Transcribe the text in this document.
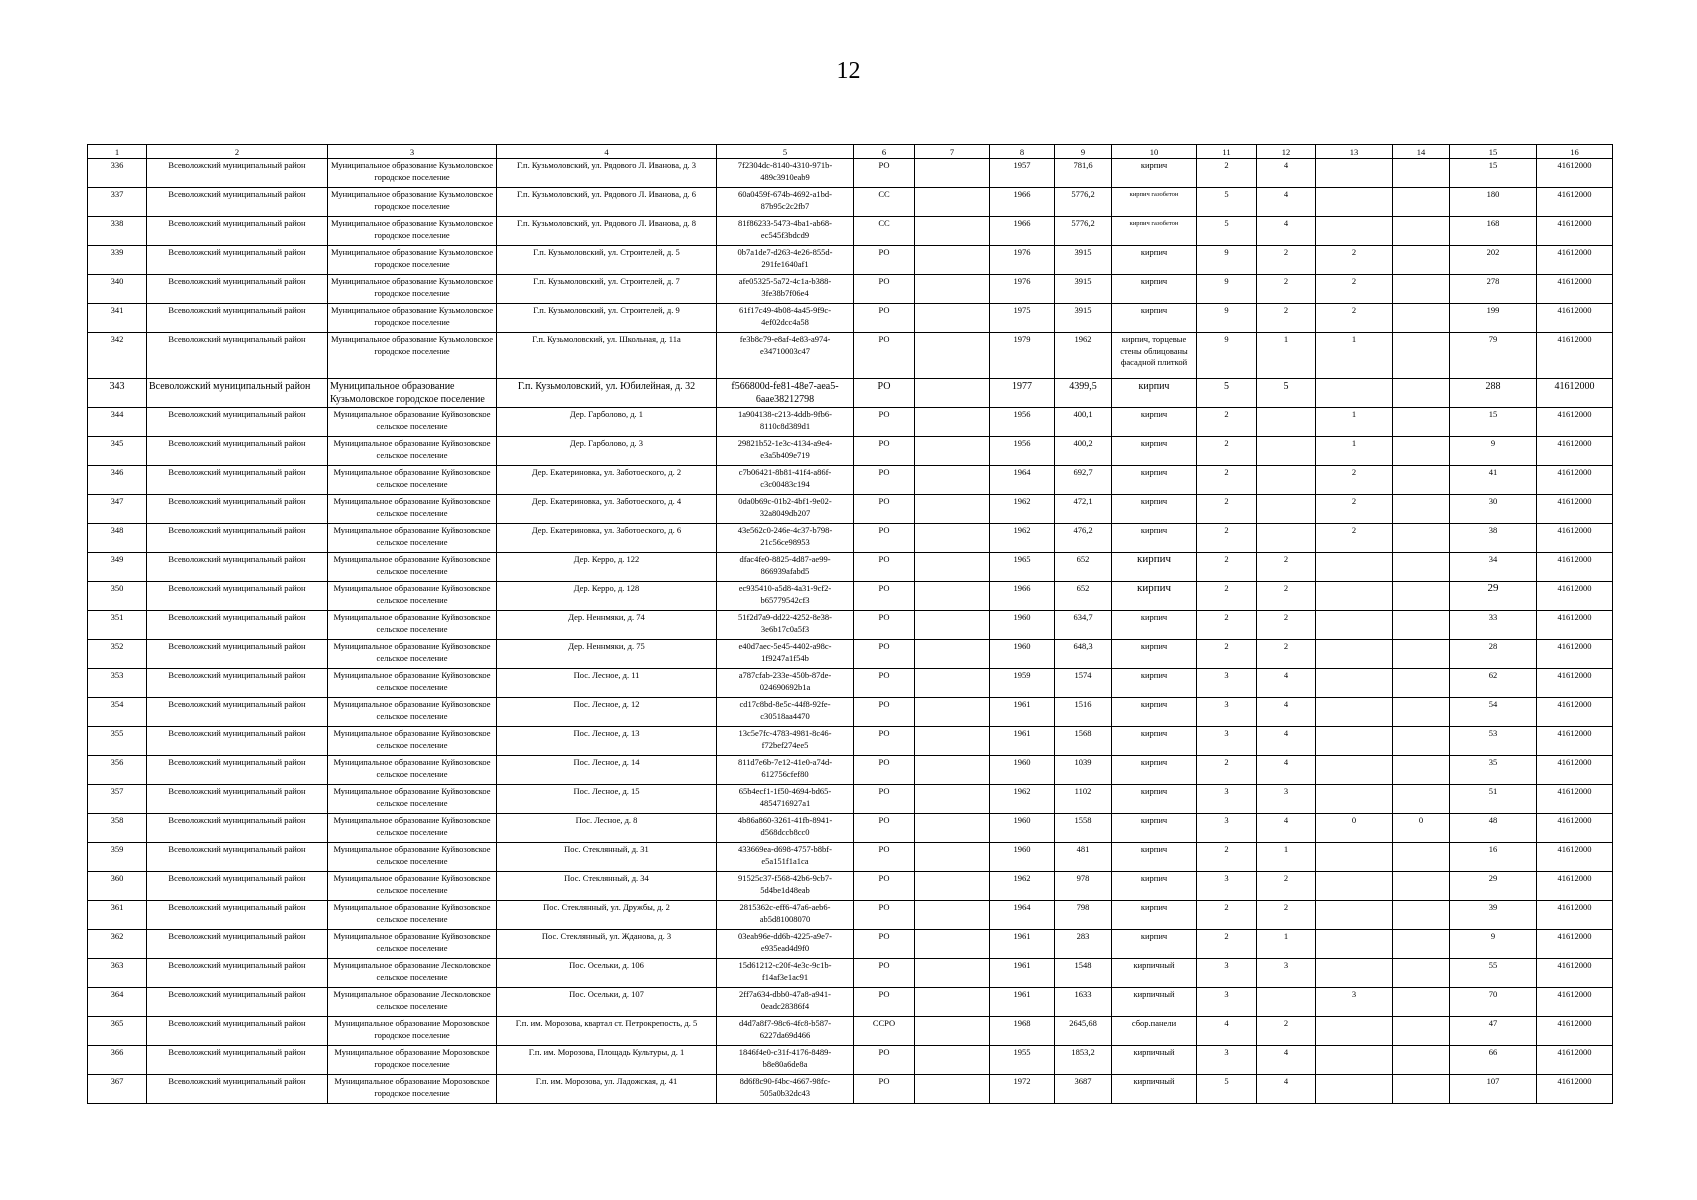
12
1	2	3	4	5	6	7	8	9	10	11	12	13	14	15	16
336	Всеволожский муниципальный район	Муниципальное образование Кузьмоловское городское поселение	Г.п. Кузьмоловский, ул. Рядового Л. Иванова, д. 3	7f2304dc-8140-4310-971b-489c3910eab9	РО		1957	781,6	кирпич	2	4			15	41612000
337	Всеволожский муниципальный район	Муниципальное образование Кузьмоловское городское поселение	Г.п. Кузьмоловский, ул. Рядового Л. Иванова, д. 6	60a0459f-674b-4692-a1bd-87b95c2c2fb7	СС		1966	5776,2	кирпич газобетон	5	4			180	41612000
338	Всеволожский муниципальный район	Муниципальное образование Кузьмоловское городское поселение	Г.п. Кузьмоловский, ул. Рядового Л. Иванова, д. 8	81f86233-5473-4ba1-ab68-ec545f3bdcd9	СС		1966	5776,2	кирпич газобетон	5	4			168	41612000
339	Всеволожский муниципальный район	Муниципальное образование Кузьмоловское городское поселение	Г.п. Кузьмоловский, ул. Строителей, д. 5	0b7a1de7-d263-4e26-855d-291fe1640af1	РО		1976	3915	кирпич	9	2	2		202	41612000
340	Всеволожский муниципальный район	Муниципальное образование Кузьмоловское городское поселение	Г.п. Кузьмоловский, ул. Строителей, д. 7	afe05325-5a72-4c1a-b388-3fe38b7f06e4	РО		1976	3915	кирпич	9	2	2		278	41612000
341	Всеволожский муниципальный район	Муниципальное образование Кузьмоловское городское поселение	Г.п. Кузьмоловский, ул. Строителей, д. 9	61f17c49-4b08-4a45-9f9c-4ef02dcc4a58	РО		1975	3915	кирпич	9	2	2		199	41612000
342	Всеволожский муниципальный район	Муниципальное образование Кузьмоловское городское поселение	Г.п. Кузьмоловский, ул. Школьная, д. 11а	fe3b8c79-e8af-4e83-a974-e34710003c47	РО		1979	1962	кирпич, торцевые стены облицованы фасадной плиткой	9	1	1		79	41612000
343	Всеволожский муниципальный район	Муниципальное образование Кузьмоловское городское поселение	Г.п. Кузьмоловский, ул. Юбилейная, д. 32	f566800d-fe81-48e7-aea5-6aae38212798	РО		1977	4399,5	кирпич	5	5			288	41612000
344	Всеволожский муниципальный район	Муниципальное образование Куйвозовское сельское поселение	Дер. Гарболово, д. 1	1a904138-c213-4ddb-9fb6-8110c8d389d1	РО		1956	400,1	кирпич	2		1		15	41612000
345	Всеволожский муниципальный район	Муниципальное образование Куйвозовское сельское поселение	Дер. Гарболово, д. 3	29821b52-1e3c-4134-a9e4-e3a5b409e719	РО		1956	400,2	кирпич	2		1		9	41612000
346	Всеволожский муниципальный район	Муниципальное образование Куйвозовское сельское поселение	Дер. Екатериновка, ул. Заботоеского, д. 2	c7b06421-8b81-41f4-a86f-c3c00483c194	РО		1964	692,7	кирпич	2		2		41	41612000
347	Всеволожский муниципальный район	Муниципальное образование Куйвозовское сельское поселение	Дер. Екатериновка, ул. Заботоеского, д. 4	0da0b69c-01b2-4bf1-9e02-32a8049db207	РО		1962	472,1	кирпич	2		2		30	41612000
348	Всеволожский муниципальный район	Муниципальное образование Куйвозовское сельское поселение	Дер. Екатериновка, ул. Заботоеского, д. 6	43e562c0-246e-4c37-b798-21c56ce98953	РО		1962	476,2	кирпич	2		2		38	41612000
349	Всеволожский муниципальный район	Муниципальное образование Куйвозовское сельское поселение	Дер. Керро, д. 122	dfac4fe0-8825-4d87-ae99-866939afabd5	РО		1965	652	кирпич	2	2			34	41612000
350	Всеволожский муниципальный район	Муниципальное образование Куйвозовское сельское поселение	Дер. Керро, д. 128	ec935410-a5d8-4a31-9cf2-b65779542cf3	РО		1966	652	кирпич	2	2			29	41612000
351	Всеволожский муниципальный район	Муниципальное образование Куйвозовское сельское поселение	Дер. Неннмяки, д. 74	51f2d7a9-dd22-4252-8e38-3e6b17c0a5f3	РО		1960	634,7	кирпич	2	2			33	41612000
352	Всеволожский муниципальный район	Муниципальное образование Куйвозовское сельское поселение	Дер. Неннмяки, д. 75	e40d7aec-5e45-4402-a98c-1f9247a1f54b	РО		1960	648,3	кирпич	2	2			28	41612000
353	Всеволожский муниципальный район	Муниципальное образование Куйвозовское сельское поселение	Пос. Лесное, д. 11	a787cfab-233e-450b-87de-024690692b1a	РО		1959	1574	кирпич	3	4			62	41612000
354	Всеволожский муниципальный район	Муниципальное образование Куйвозовское сельское поселение	Пос. Лесное, д. 12	cd17c8bd-8e5c-44f8-92fe-c30518aa4470	РО		1961	1516	кирпич	3	4			54	41612000
355	Всеволожский муниципальный район	Муниципальное образование Куйвозовское сельское поселение	Пос. Лесное, д. 13	13c5e7fc-4783-4981-8c46-f72bef274ee5	РО		1961	1568	кирпич	3	4			53	41612000
356	Всеволожский муниципальный район	Муниципальное образование Куйвозовское сельское поселение	Пос. Лесное, д. 14	811d7e6b-7e12-41e0-a74d-612756cfef80	РО		1960	1039	кирпич	2	4			35	41612000
357	Всеволожский муниципальный район	Муниципальное образование Куйвозовское сельское поселение	Пос. Лесное, д. 15	65b4ecf1-1f50-4694-bd65-4854716927a1	РО		1962	1102	кирпич	3	3			51	41612000
358	Всеволожский муниципальный район	Муниципальное образование Куйвозовское сельское поселение	Пос. Лесное, д. 8	4b86a860-3261-41fb-8941-d568dccb8cc0	РО		1960	1558	кирпич	3	4	0	0	48	41612000
359	Всеволожский муниципальный район	Муниципальное образование Куйвозовское сельское поселение	Пос. Стеклянный, д. 31	433669ea-d698-4757-b8bf-e5a151f1a1ca	РО		1960	481	кирпич	2	1			16	41612000
360	Всеволожский муниципальный район	Муниципальное образование Куйвозовское сельское поселение	Пос. Стеклянный, д. 34	91525c37-f568-42b6-9cb7-5d4be1d48eab	РО		1962	978	кирпич	3	2			29	41612000
361	Всеволожский муниципальный район	Муниципальное образование Куйвозовское сельское поселение	Пос. Стеклянный, ул. Дружбы, д. 2	2815362c-eff6-47a6-aeb6-ab5d81008070	РО		1964	798	кирпич	2	2			39	41612000
362	Всеволожский муниципальный район	Муниципальное образование Куйвозовское сельское поселение	Пос. Стеклянный, ул. Жданова, д. 3	03eab96e-dd6b-4225-a9e7-e935ead4d9f0	РО		1961	283	кирпич	2	1			9	41612000
363	Всеволожский муниципальный район	Муниципальное образование Лесколовское сельское поселение	Пос. Осельки, д. 106	15d61212-c20f-4e3c-9c1b-f14af3e1ac91	РО		1961	1548	кирпичный	3	3			55	41612000
364	Всеволожский муниципальный район	Муниципальное образование Лесколовское сельское поселение	Пос. Осельки, д. 107	2ff7a634-dbb0-47a8-a941-0eadc28386f4	РО		1961	1633	кирпичный	3		3		70	41612000
365	Всеволожский муниципальный район	Муниципальное образование Морозовское городское поселение	Г.п. им. Морозова, квартал ст. Петрокрепость, д. 5	d4d7a8f7-98c6-4fc8-b587-6227da69d466	ССРО		1968	2645,68	сбор.панели	4	2			47	41612000
366	Всеволожский муниципальный район	Муниципальное образование Морозовское городское поселение	Г.п. им. Морозова, Площадь Культуры, д. 1	1846f4e0-c31f-4176-8489-b8e80a6de8a	РО		1955	1853,2	кирпичный	3	4			66	41612000
367	Всеволожский муниципальный район	Муниципальное образование Морозовское городское поселение	Г.п. им. Морозова, ул. Ладожская, д. 41	8d6f8c90-f4bc-4667-98fc-505a0b32dc43	РО		1972	3687	кирпичный	5	4			107	41612000
